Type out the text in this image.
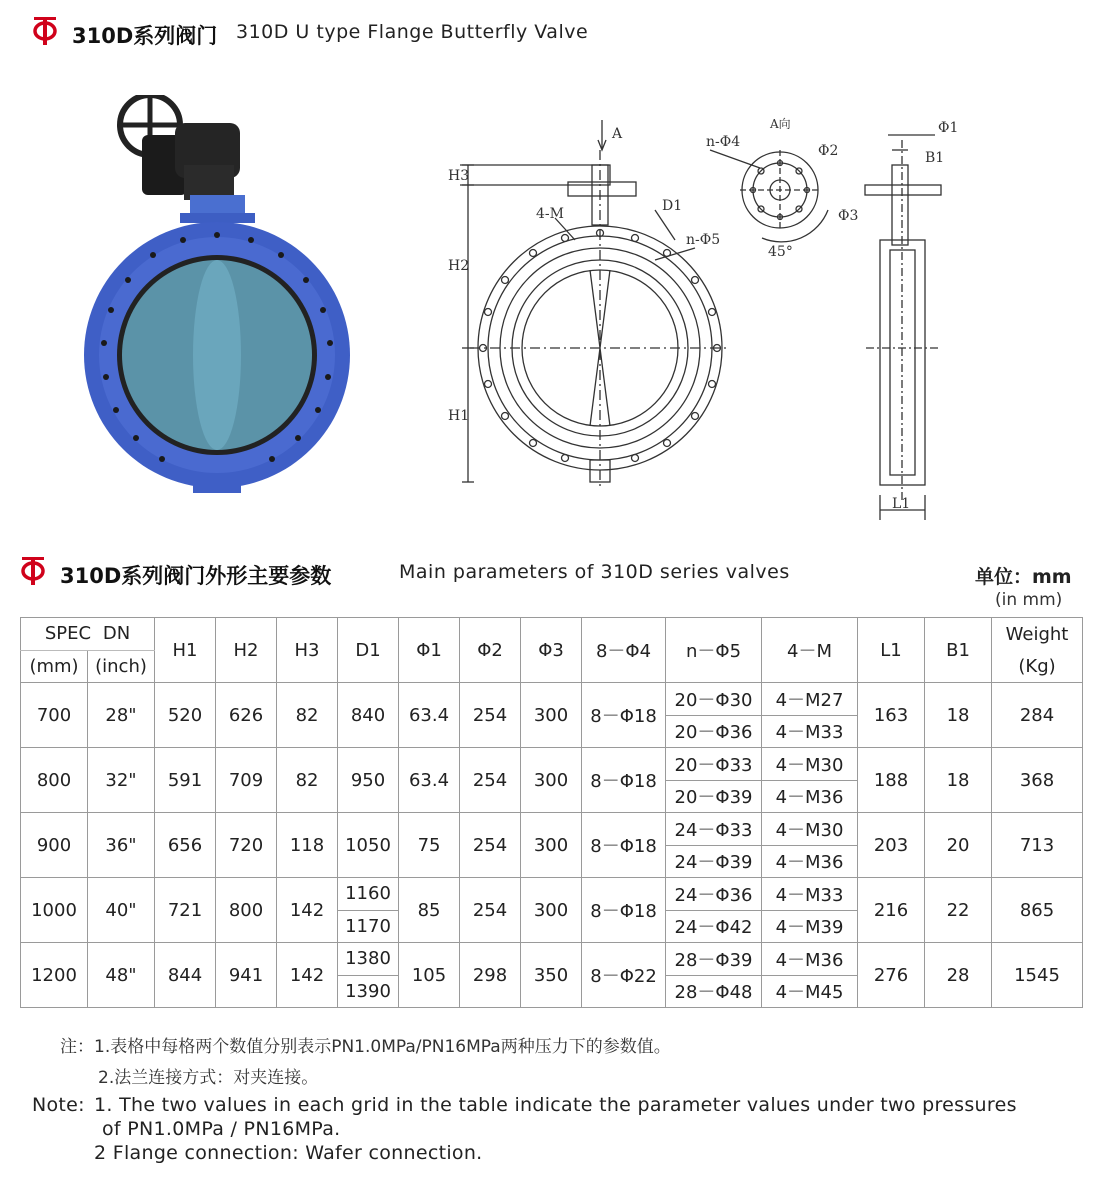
310D系列阀门 310D U type Flange Butterfly Valve
A
A向
n-Φ4
Φ2
Φ3
45°
4-M	D1
n-Φ5
H1
H2
H3
Φ1
B1
L1
310D系列阀门外形主要参数	Main parameters of 310D series valves	单位：mm
(in mm)
SPEC DN		H1	H2	H3	D1	Φ1	Φ2	Φ3	8－Φ4	n－Φ5	4－M	L1	B1	Weight
(mm)	(inch)													(Kg)
700	28"	520	626	82	840	63.4	254	300	8－Φ18	20－Φ30	4－M27	163	18	284
										20－Φ36	4－M33			
800	32"	591	709	82	950	63.4	254	300	8－Φ18	20－Φ33	4－M30	188	18	368
										20－Φ39	4－M36			
900	36"	656	720	118	1050	75	254	300	8－Φ18	24－Φ33	4－M30	203	20	713
										24－Φ39	4－M36			
1000	40"	721	800	142	1160	85	254	300	8－Φ18	24－Φ36	4－M33	216	22	865
					1170					24－Φ42	4－M39			
1200	48"	844	941	142	1380	105	298	350	8－Φ22	28－Φ39	4－M36	276	28	1545
					1390					28－Φ48	4－M45			
注：1.表格中每格两个数值分别表示PN1.0MPa/PN16MPa两种压力下的参数值。
2.法兰连接方式：对夹连接。
Note: 1. The two values in each grid in the table indicate the parameter values under two pressures
of PN1.0MPa / PN16MPa.
2 Flange connection: Wafer connection.
